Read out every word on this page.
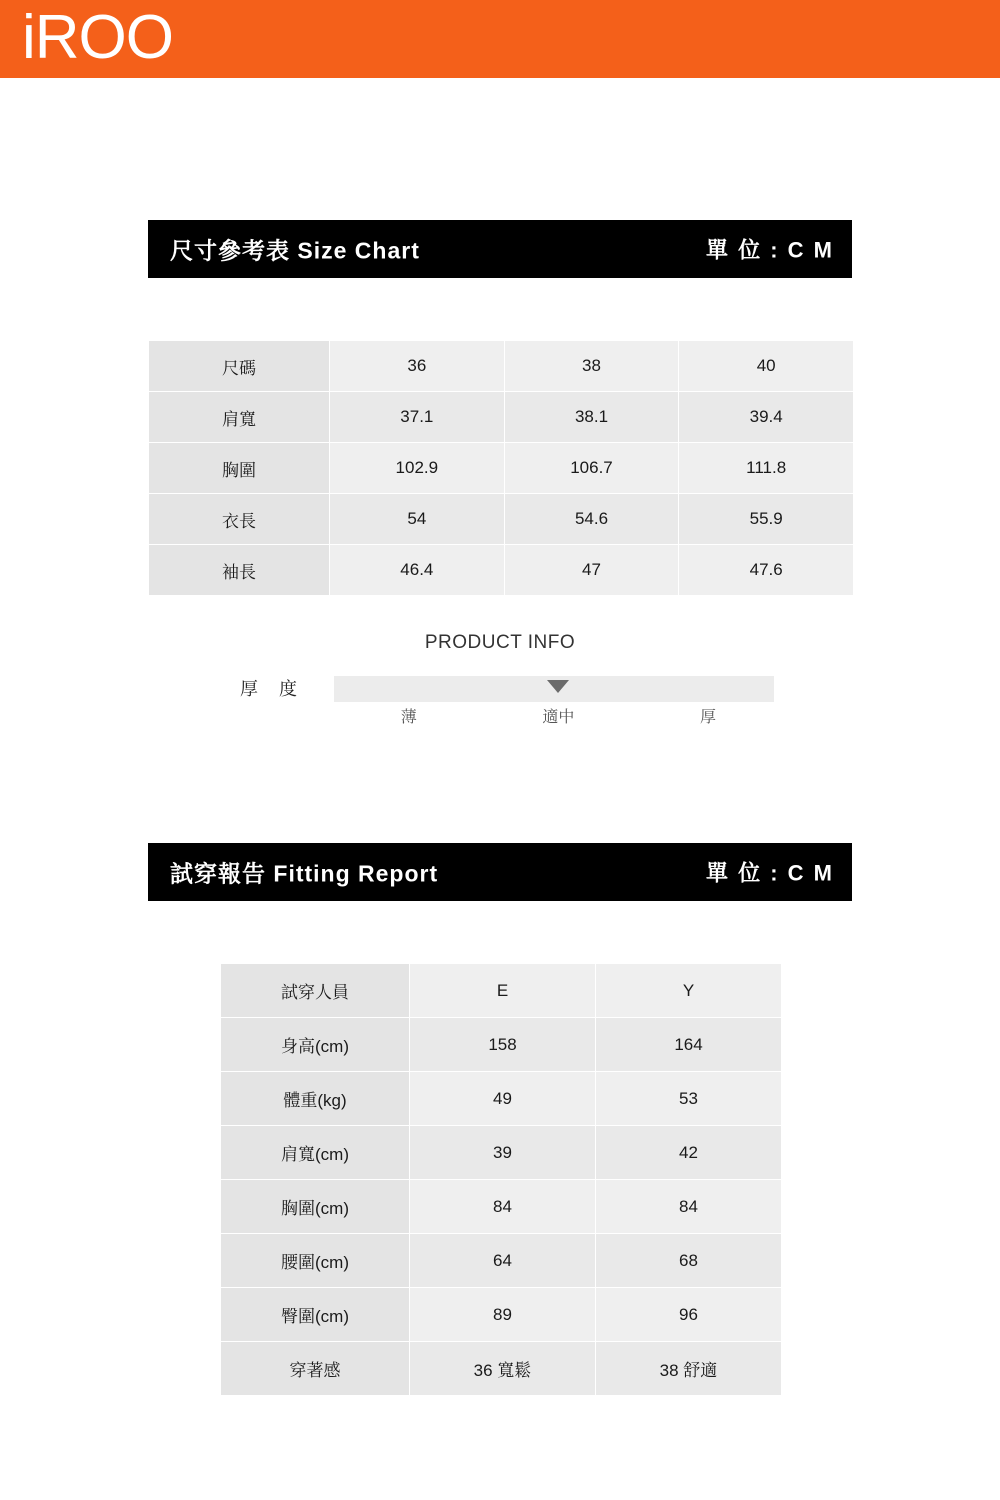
iROO
尺寸參考表 Size Chart	單 位 : C M
尺碼	36	38	40
肩寬	37.1	38.1	39.4
胸圍	102.9	106.7	111.8
衣長	54	54.6	55.9
袖長	46.4	47	47.6
PRODUCT INFO
厚 度
薄	適中	厚
試穿報告 Fitting Report	單 位 : C M
試穿人員	E	Y
身高(cm)	158	164
體重(kg)	49	53
肩寬(cm)	39	42
胸圍(cm)	84	84
腰圍(cm)	64	68
臀圍(cm)	89	96
穿著感	36 寬鬆	38 舒適
